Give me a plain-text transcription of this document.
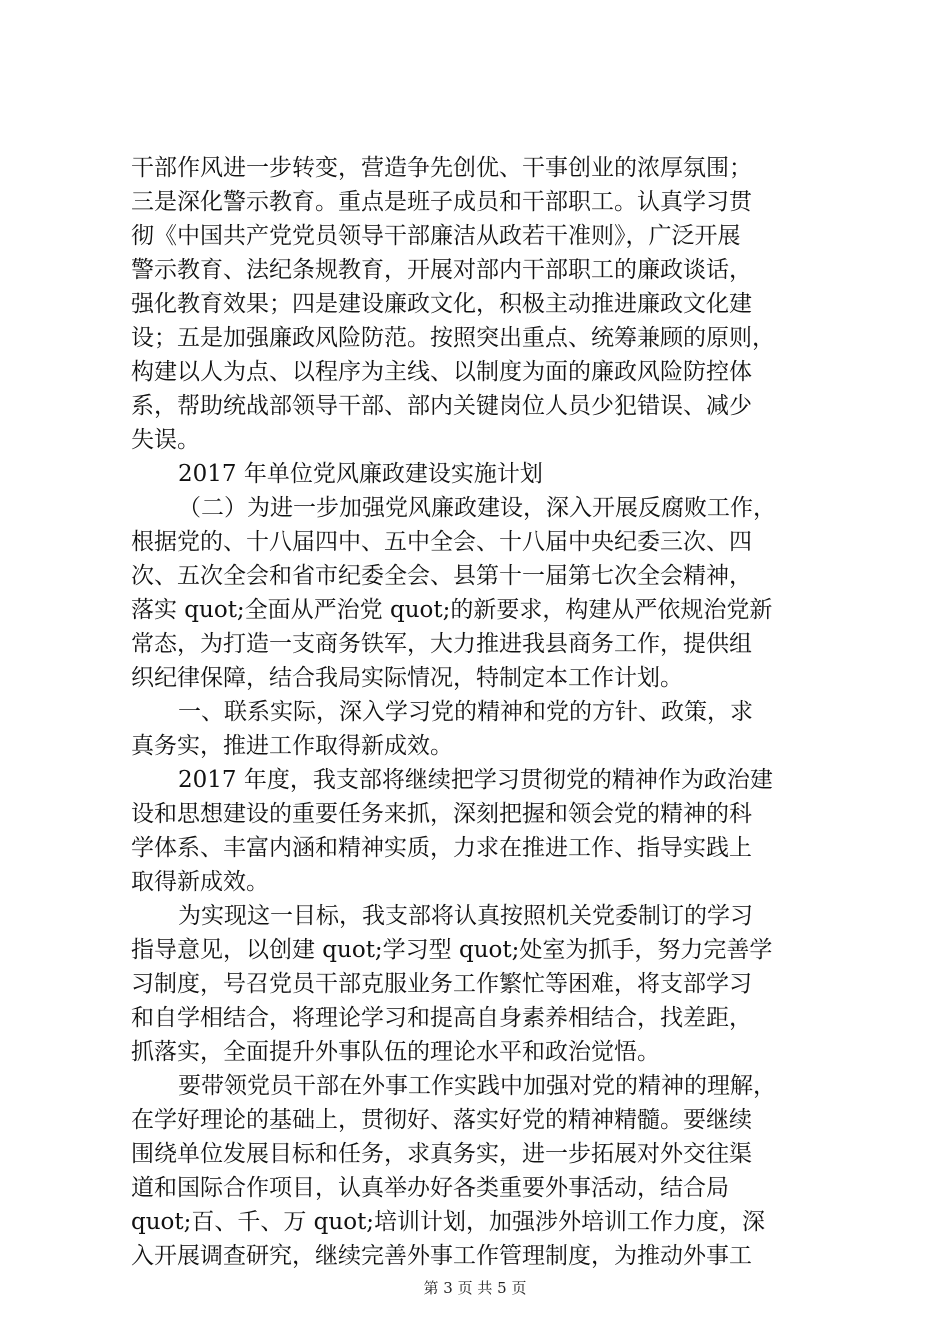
干部作风进一步转变，营造争先创优、干事创业的浓厚氛围；
三是深化警示教育。重点是班子成员和干部职工。认真学习贯
彻《中国共产党党员领导干部廉洁从政若干准则》，广泛开展
警示教育、法纪条规教育，开展对部内干部职工的廉政谈话，
强化教育效果；四是建设廉政文化，积极主动推进廉政文化建
设；五是加强廉政风险防范。按照突出重点、统筹兼顾的原则，
构建以人为点、以程序为主线、以制度为面的廉政风险防控体
系，帮助统战部领导干部、部内关键岗位人员少犯错误、减少
失误。
2017 年单位党风廉政建设实施计划
（二）为进一步加强党风廉政建设，深入开展反腐败工作，
根据党的、十八届四中、五中全会、十八届中央纪委三次、四
次、五次全会和省市纪委全会、县第十一届第七次全会精神，
落实 quot;全面从严治党 quot;的新要求，构建从严依规治党新
常态，为打造一支商务铁军，大力推进我县商务工作，提供组
织纪律保障，结合我局实际情况，特制定本工作计划。
一、联系实际，深入学习党的精神和党的方针、政策，求
真务实，推进工作取得新成效。
2017 年度，我支部将继续把学习贯彻党的精神作为政治建
设和思想建设的重要任务来抓，深刻把握和领会党的精神的科
学体系、丰富内涵和精神实质，力求在推进工作、指导实践上
取得新成效。
为实现这一目标，我支部将认真按照机关党委制订的学习
指导意见，以创建 quot;学习型 quot;处室为抓手，努力完善学
习制度，号召党员干部克服业务工作繁忙等困难，将支部学习
和自学相结合，将理论学习和提高自身素养相结合，找差距，
抓落实，全面提升外事队伍的理论水平和政治觉悟。
要带领党员干部在外事工作实践中加强对党的精神的理解，
在学好理论的基础上，贯彻好、落实好党的精神精髓。要继续
围绕单位发展目标和任务，求真务实，进一步拓展对外交往渠
道和国际合作项目，认真举办好各类重要外事活动，结合局
quot;百、千、万 quot;培训计划，加强涉外培训工作力度，深
入开展调查研究，继续完善外事工作管理制度，为推动外事工
第 3 页 共 5 页
